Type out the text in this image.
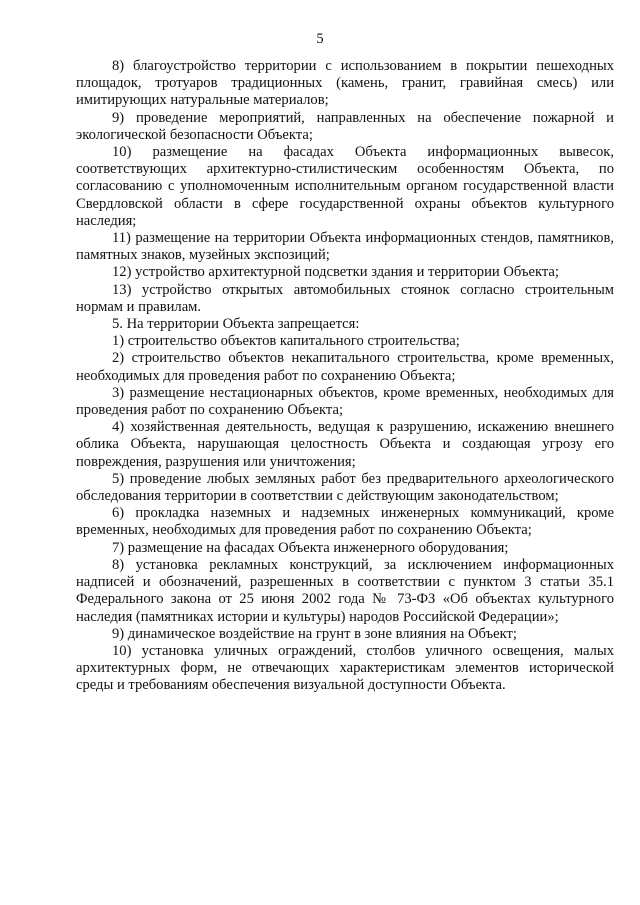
5

8) благоустройство территории с использованием в покрытии пешеходных площадок, тротуаров традиционных (камень, гранит, гравийная смесь) или имитирующих натуральные материалов;

9) проведение мероприятий, направленных на обеспечение пожарной и экологической безопасности Объекта;

10) размещение на фасадах Объекта информационных вывесок, соответствующих архитектурно-стилистическим особенностям Объекта, по согласованию с уполномоченным исполнительным органом государственной власти Свердловской области в сфере государственной охраны объектов культурного наследия;

11) размещение на территории Объекта информационных стендов, памятников, памятных знаков, музейных экспозиций;

12) устройство архитектурной подсветки здания и территории Объекта;

13) устройство открытых автомобильных стоянок согласно строительным нормам и правилам.

5. На территории Объекта запрещается:

1) строительство объектов капитального строительства;

2) строительство объектов некапитального строительства, кроме временных, необходимых для проведения работ по сохранению Объекта;

3) размещение нестационарных объектов, кроме временных, необходимых для проведения работ по сохранению Объекта;

4) хозяйственная деятельность, ведущая к разрушению, искажению внешнего облика Объекта, нарушающая целостность Объекта и создающая угрозу его повреждения, разрушения или уничтожения;

5) проведение любых земляных работ без предварительного археологического обследования территории в соответствии с действующим законодательством;

6) прокладка наземных и надземных инженерных коммуникаций, кроме временных, необходимых для проведения работ по сохранению Объекта;

7) размещение на фасадах Объекта инженерного оборудования;

8) установка рекламных конструкций, за исключением информационных надписей и обозначений, разрешенных в соответствии с пунктом 3 статьи 35.1 Федерального закона от 25 июня 2002 года № 73-ФЗ «Об объектах культурного наследия (памятниках истории и культуры) народов Российской Федерации»;

9) динамическое воздействие на грунт в зоне влияния на Объект;

10) установка уличных ограждений, столбов уличного освещения, малых архитектурных форм, не отвечающих характеристикам элементов исторической среды и требованиям обеспечения визуальной доступности Объекта.
